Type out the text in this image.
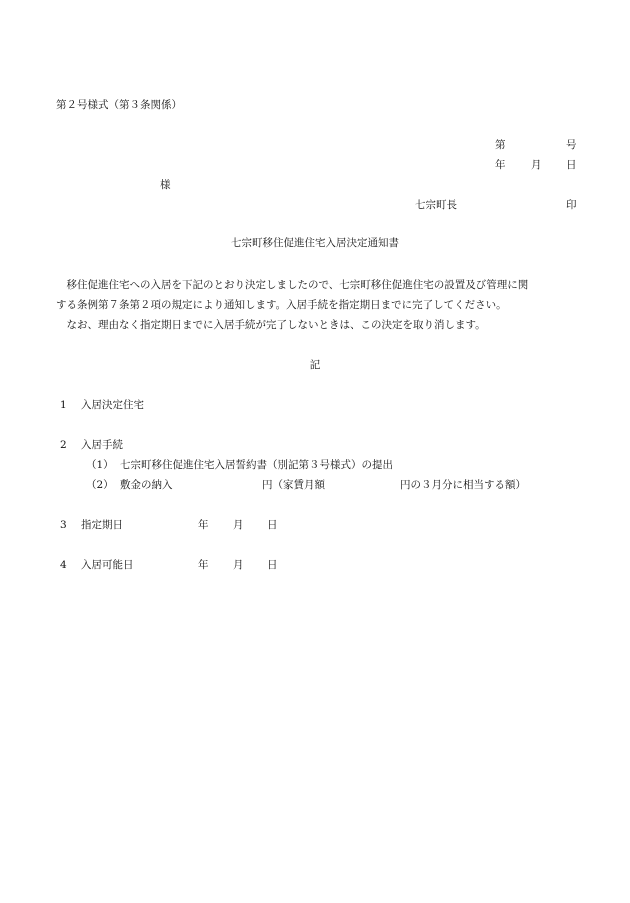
第２号様式（第３条関係）
第	号
年 月 日
様
七宗町長	印
七宗町移住促進住宅入居決定通知書
　移住促進住宅への入居を下記のとおり決定しましたので、七宗町移住促進住宅の設置及び管理に関
する条例第７条第２項の規定により通知します。入居手続を指定期日までに完了してください。
　なお、理由なく指定期日までに入居手続が完了しないときは、この決定を取り消します。
記
1 入居決定住宅
2 入居手続
（1） 七宗町移住促進住宅入居誓約書（別記第３号様式）の提出
（2） 敷金の納入	円（家賃月額	円の３月分に相当する額）
3 指定期日	年 月 日
4 入居可能日	年 月 日
